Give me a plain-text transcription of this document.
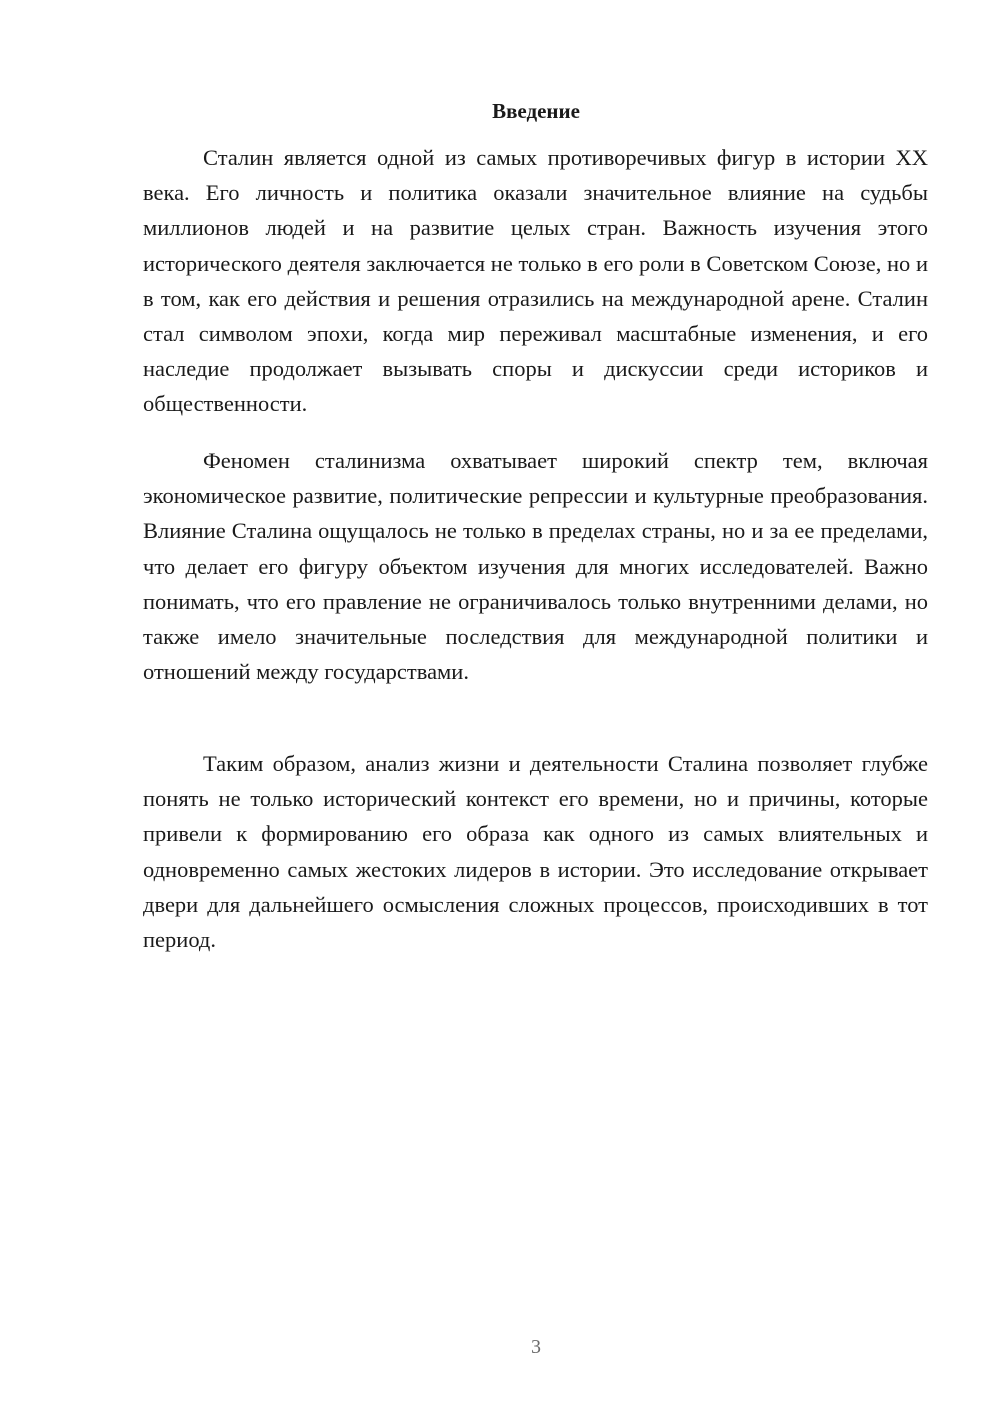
Введение

Сталин является одной из самых противоречивых фигур в истории XX века. Его личность и политика оказали значительное влияние на судьбы миллионов людей и на развитие целых стран. Важность изучения этого исторического деятеля заключается не только в его роли в Советском Союзе, но и в том, как его действия и решения отразились на международной арене. Сталин стал символом эпохи, когда мир переживал масштабные изменения, и его наследие продолжает вызывать споры и дискуссии среди историков и общественности.

Феномен сталинизма охватывает широкий спектр тем, включая экономическое развитие, политические репрессии и культурные преобразования. Влияние Сталина ощущалось не только в пределах страны, но и за ее пределами, что делает его фигуру объектом изучения для многих исследователей. Важно понимать, что его правление не ограничивалось только внутренними делами, но также имело значительные последствия для международной политики и отношений между государствами.

Таким образом, анализ жизни и деятельности Сталина позволяет глубже понять не только исторический контекст его времени, но и причины, которые привели к формированию его образа как одного из самых влиятельных и одновременно самых жестоких лидеров в истории. Это исследование открывает двери для дальнейшего осмысления сложных процессов, происходивших в тот период.

3
